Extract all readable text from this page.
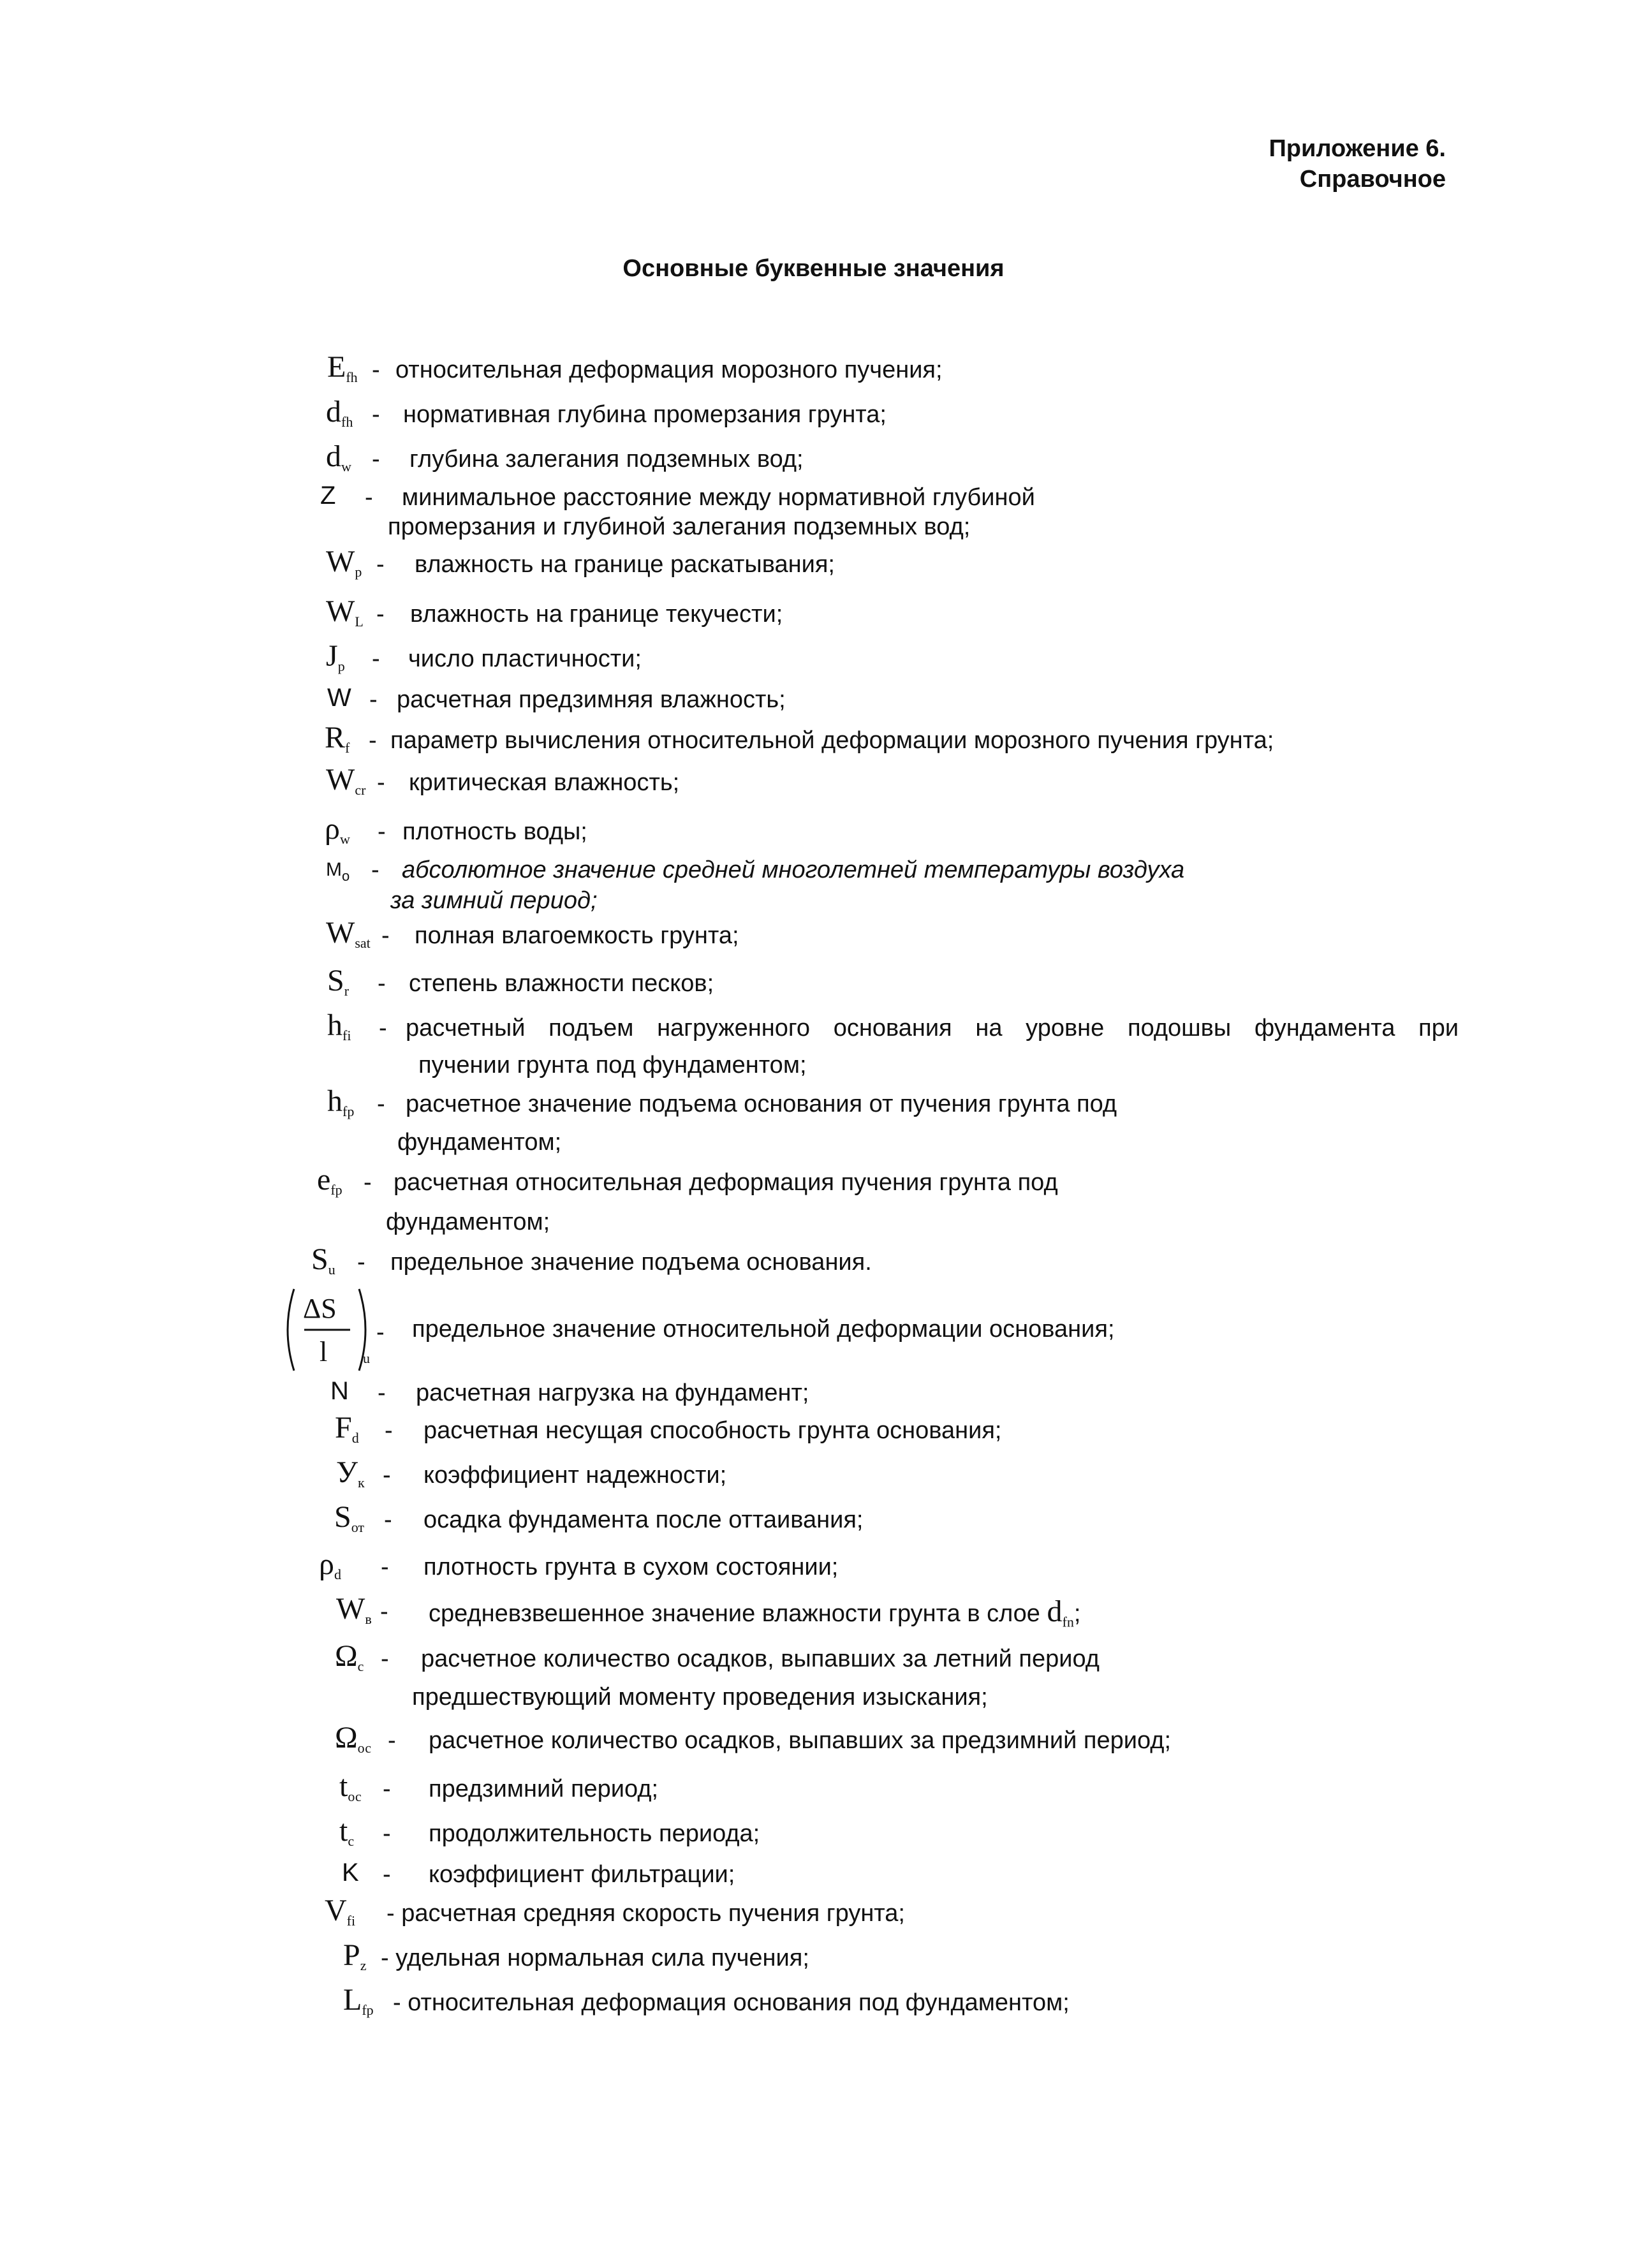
Приложение 6.
Справочное
Основные буквенные значения
$E_{fh}$ - относительная деформация морозного пучения;
$d_{fh}$ - нормативная глубина промерзания грунта;
$d_w$ - глубина залегания подземных вод;
Z - минимальное расстояние между нормативной глубиной
промерзания и глубиной залегания подземных вод;
$W_p$ - влажность на границе раскатывания;
$W_L$ - влажность на границе текучести;
$J_p$ - число пластичности;
W - расчетная предзимняя влажность;
$R_f$ - параметр вычисления относительной деформации морозного пучения грунта;
$W_{cr}$ - критическая влажность;
$\rho_w$ - плотность воды;
$M_o$ - абсолютное значение средней многолетней температуры воздуха
за зимний период;
$W_{sat}$ - полная влагоемкость грунта;
$S_r$ - степень влажности песков;
$h_{fi}$ - расчетный подъем нагруженного основания на уровне подошвы фундамента при
пучении грунта под фундаментом;
$h_{fp}$ - расчетное значение подъема основания от пучения грунта под
фундаментом;
$e_{fp}$ - расчетная относительная деформация пучения грунта под
фундаментом;
$S_u$ - предельное значение подъема основания.
ΔS
l	u
- предельное значение относительной деформации основания;
N - расчетная нагрузка на фундамент;
$F_d$ - расчетная несущая способность грунта основания;
$У_к$ - коэффициент надежности;
$S_{от}$ - осадка фундамента после оттаивания;
$\rho_d$ - плотность грунта в сухом состоянии;
$W_в$ - средневзвешенное значение влажности грунта в слое $d_{fn}$;
$\Omega_с$ - расчетное количество осадков, выпавших за летний период
предшествующий моменту проведения изыскания;
$\Omega_{ос}$ - расчетное количество осадков, выпавших за предзимний период;
$t_{ос}$ - предзимний период;
$t_с$ - продолжительность периода;
K - коэффициент фильтрации;
$V_{fi}$ - расчетная средняя скорость пучения грунта;
$P_z$ - удельная нормальная сила пучения;
$L_{fp}$ - относительная деформация основания под фундаментом;
